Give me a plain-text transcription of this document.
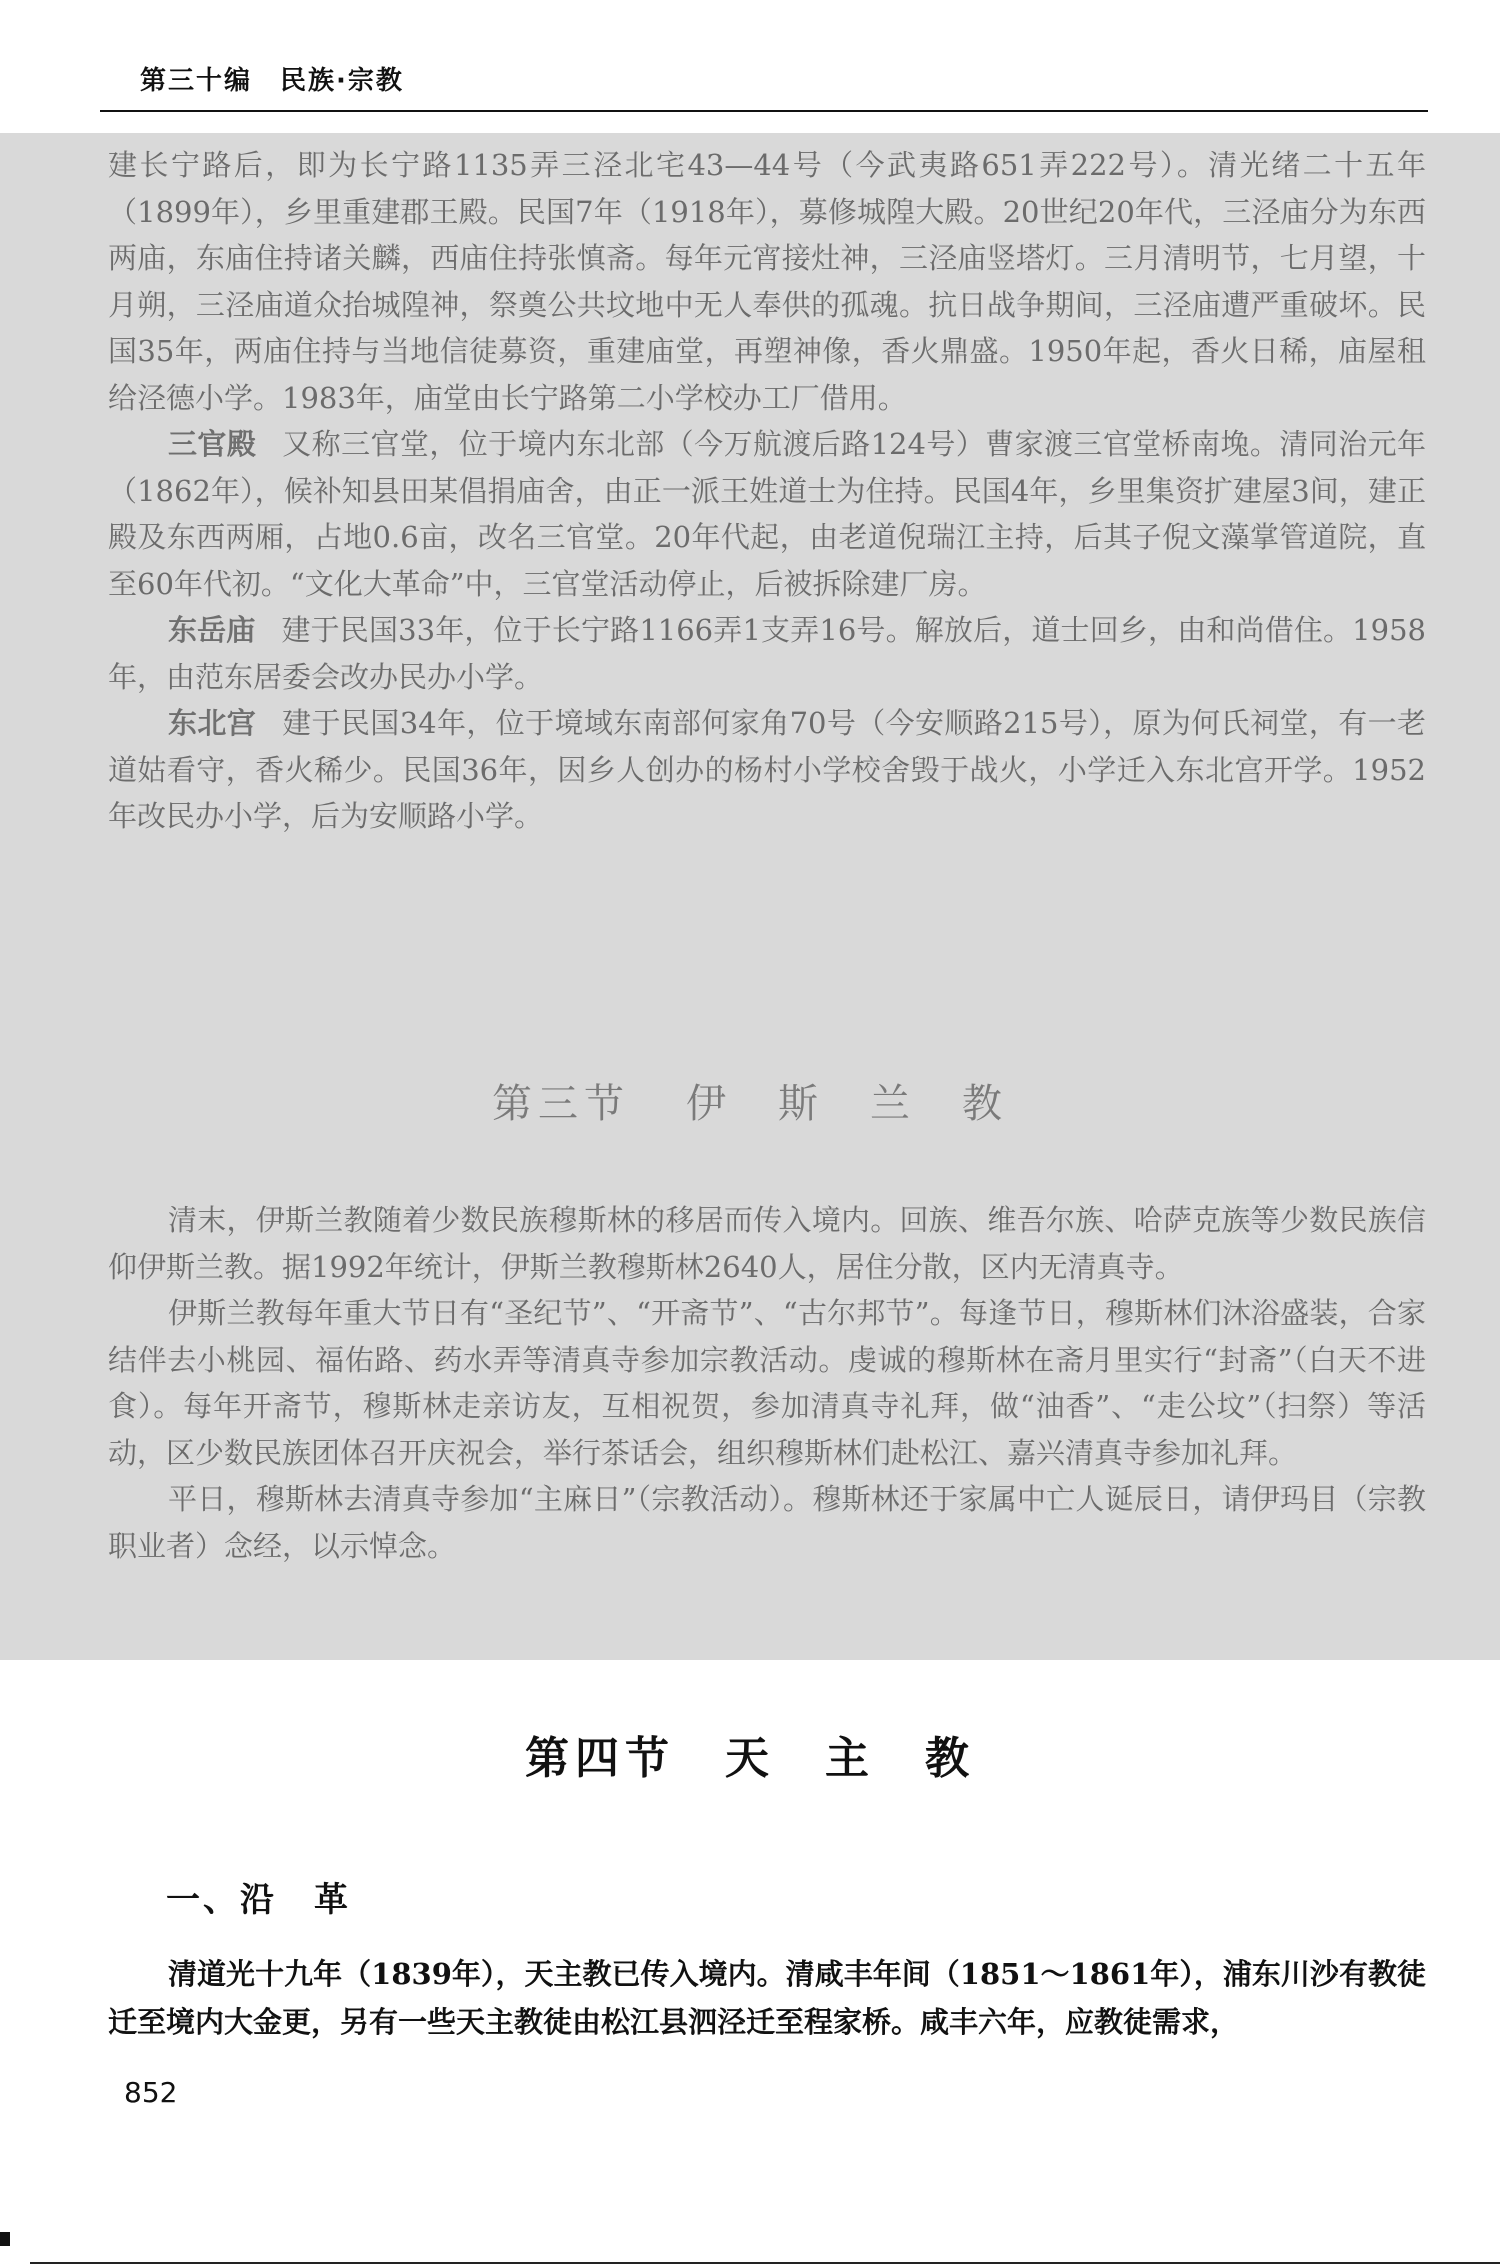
第三十编　民族·宗教

建长宁路后，即为长宁路1135弄三泾北宅43—44号（今武夷路651弄222号）。清光绪二十五年（1899年），乡里重建郡王殿。民国7年（1918年），募修城隍大殿。20世纪20年代，三泾庙分为东西两庙，东庙住持诸关麟，西庙住持张慎斋。每年元宵接灶神，三泾庙竖塔灯。三月清明节，七月望，十月朔，三泾庙道众抬城隍神，祭奠公共坟地中无人奉供的孤魂。抗日战争期间，三泾庙遭严重破坏。民国35年，两庙住持与当地信徒募资，重建庙堂，再塑神像，香火鼎盛。1950年起，香火日稀，庙屋租给泾德小学。1983年，庙堂由长宁路第二小学校办工厂借用。

三官殿 又称三官堂，位于境内东北部（今万航渡后路124号）曹家渡三官堂桥南堍。清同治元年（1862年），候补知县田某倡捐庙舍，由正一派王姓道士为住持。民国4年，乡里集资扩建屋3间，建正殿及东西两厢，占地0.6亩，改名三官堂。20年代起，由老道倪瑞江主持，后其子倪文藻掌管道院，直至60年代初。“文化大革命”中，三官堂活动停止，后被拆除建厂房。

东岳庙 建于民国33年，位于长宁路1166弄1支弄16号。解放后，道士回乡，由和尚借住。1958年，由范东居委会改办民办小学。

东北宫 建于民国34年，位于境域东南部何家角70号（今安顺路215号），原为何氏祠堂，有一老道姑看守，香火稀少。民国36年，因乡人创办的杨村小学校舍毁于战火，小学迁入东北宫开学。1952年改民办小学，后为安顺路小学。

第三节 伊　斯　兰　教

清末，伊斯兰教随着少数民族穆斯林的移居而传入境内。回族、维吾尔族、哈萨克族等少数民族信仰伊斯兰教。据1992年统计，伊斯兰教穆斯林2640人，居住分散，区内无清真寺。

伊斯兰教每年重大节日有“圣纪节”、“开斋节”、“古尔邦节”。每逢节日，穆斯林们沐浴盛装，合家结伴去小桃园、福佑路、药水弄等清真寺参加宗教活动。虔诚的穆斯林在斋月里实行“封斋”（白天不进食）。每年开斋节，穆斯林走亲访友，互相祝贺，参加清真寺礼拜，做“油香”、“走公坟”（扫祭）等活动，区少数民族团体召开庆祝会，举行茶话会，组织穆斯林们赴松江、嘉兴清真寺参加礼拜。

平日，穆斯林去清真寺参加“主麻日”（宗教活动）。穆斯林还于家属中亡人诞辰日，请伊玛目（宗教职业者）念经，以示悼念。

第四节 天　主　教
一、沿　革

清道光十九年（1839年），天主教已传入境内。清咸丰年间（1851～1861年），浦东川沙有教徒迁至境内大金更，另有一些天主教徒由松江县泗泾迁至程家桥。咸丰六年，应教徒需求，

852
